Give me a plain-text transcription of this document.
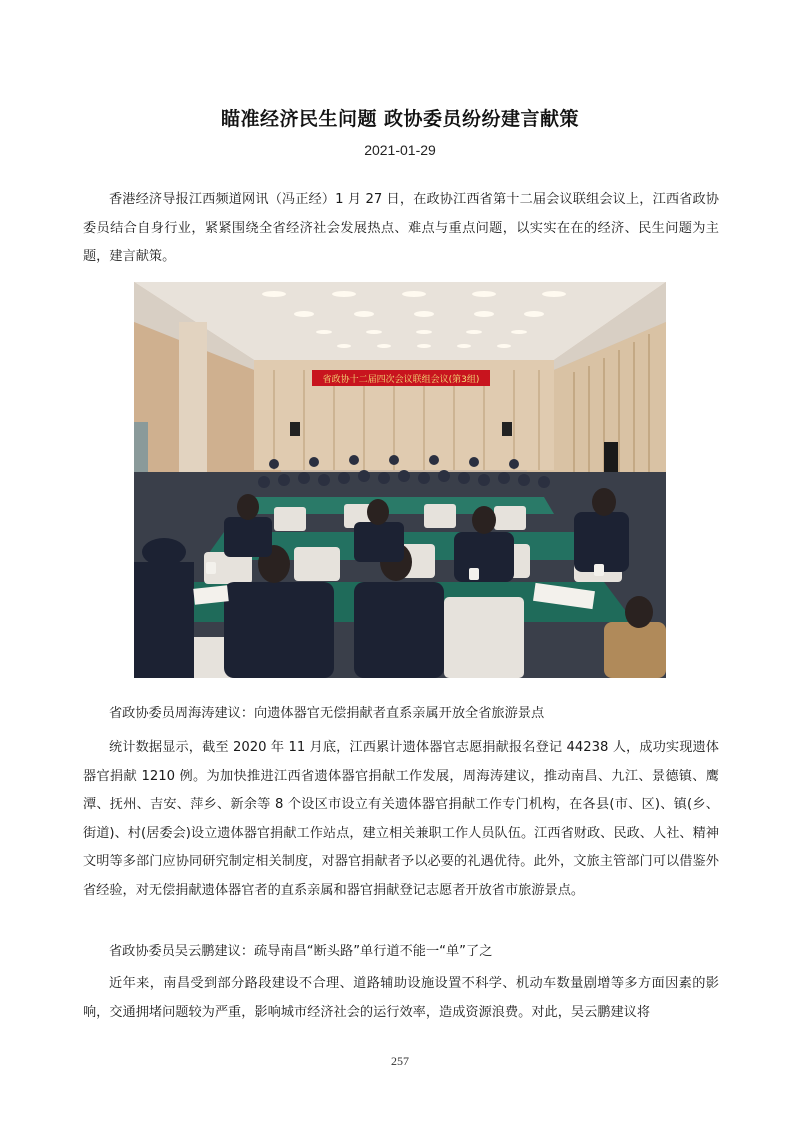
瞄准经济民生问题 政协委员纷纷建言献策
2021-01-29

香港经济导报江西频道网讯（冯正经）1 月 27 日，在政协江西省第十二届会议联组会议上，江西省政协委员结合自身行业，紧紧围绕全省经济社会发展热点、难点与重点问题，以实实在在的经济、民生问题为主题，建言献策。

省政协十二届四次会议联组会议(第3组)

省政协委员周海涛建议：向遗体器官无偿捐献者直系亲属开放全省旅游景点

统计数据显示，截至 2020 年 11 月底，江西累计遗体器官志愿捐献报名登记 44238 人，成功实现遗体器官捐献 1210 例。为加快推进江西省遗体器官捐献工作发展，周海涛建议，推动南昌、九江、景德镇、鹰潭、抚州、吉安、萍乡、新余等 8 个设区市设立有关遗体器官捐献工作专门机构，在各县(市、区)、镇(乡、街道)、村(居委会)设立遗体器官捐献工作站点，建立相关兼职工作人员队伍。江西省财政、民政、人社、精神文明等多部门应协同研究制定相关制度，对器官捐献者予以必要的礼遇优待。此外，文旅主管部门可以借鉴外省经验，对无偿捐献遗体器官者的直系亲属和器官捐献登记志愿者开放省市旅游景点。

省政协委员吴云鹏建议：疏导南昌“断头路”单行道不能一“单”了之

近年来，南昌受到部分路段建设不合理、道路辅助设施设置不科学、机动车数量剧增等多方面因素的影响，交通拥堵问题较为严重，影响城市经济社会的运行效率，造成资源浪费。对此，吴云鹏建议将

257
